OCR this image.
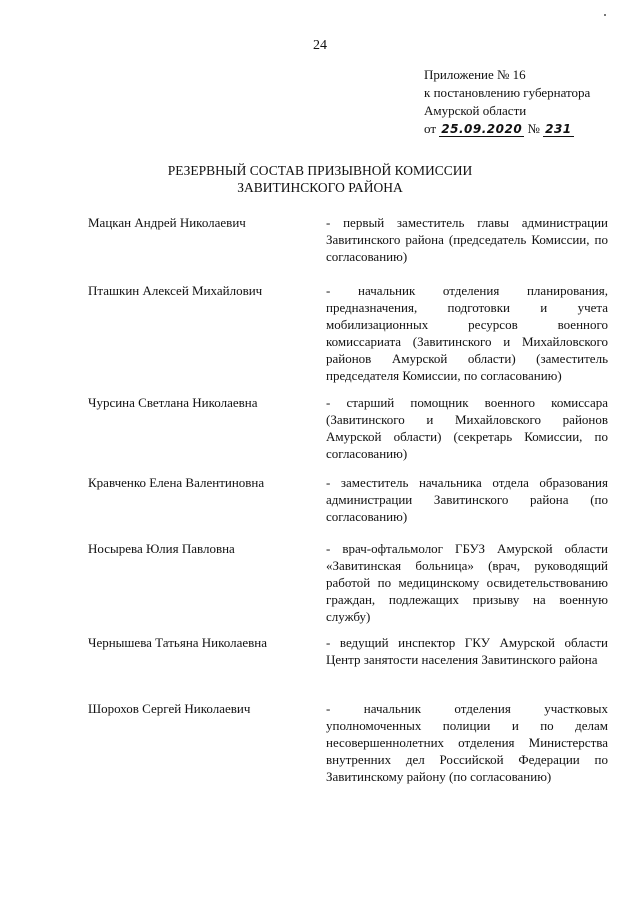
24
Приложение № 16
к постановлению губернатора
Амурской области
от 25.09.2020 № 231
РЕЗЕРВНЫЙ СОСТАВ ПРИЗЫВНОЙ КОМИССИИ
ЗАВИТИНСКОГО РАЙОНА
Мацкан Андрей Николаевич	- первый заместитель главы администрации Завитинского района (председатель Комиссии, по согласованию)
Пташкин Алексей Михайлович	- начальник отделения планирования, предназначения, подготовки и учета мобилизационных ресурсов военного комиссариата (Завитинского и Михайловского районов Амурской области) (заместитель председателя Комиссии, по согласованию)
Чурсина Светлана Николаевна	- старший помощник военного комиссара (Завитинского и Михайловского районов Амурской области) (секретарь Комиссии, по согласованию)
Кравченко Елена Валентиновна	- заместитель начальника отдела образования администрации Завитинского района (по согласованию)
Носырева Юлия Павловна	- врач-офтальмолог ГБУЗ Амурской области «Завитинская больница» (врач, руководящий работой по медицинскому освидетельствованию граждан, подлежащих призыву на военную службу)
Чернышева Татьяна Николаевна	- ведущий инспектор ГКУ Амурской области Центр занятости населения Завитинского района
Шорохов Сергей Николаевич	- начальник отделения участковых уполномоченных полиции и по делам несовершеннолетних отделения Министерства внутренних дел Российской Федерации по Завитинскому району (по согласованию)
